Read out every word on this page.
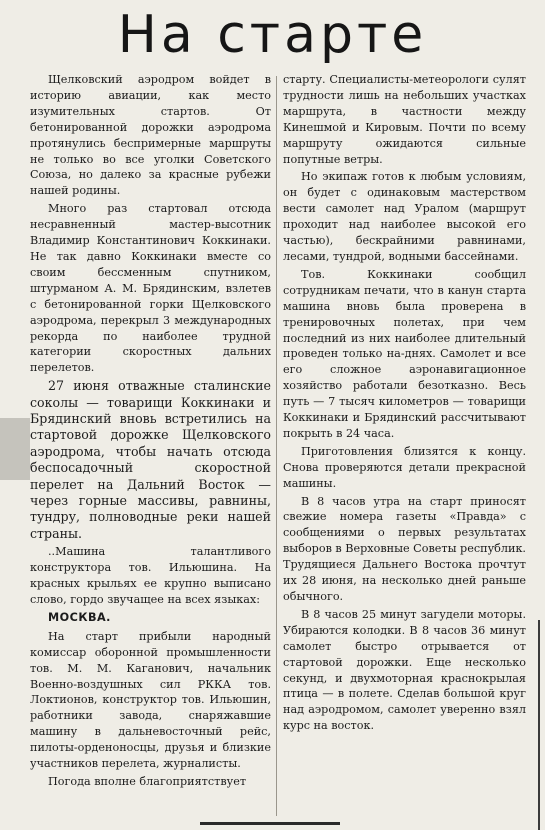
На старте

Щелковский аэродром войдет в историю авиации, как место изумительных стартов. От бетонированной дорожки аэродрома протянулись беспримерные маршруты не только во все уголки Советского Союза, но далеко за красные рубежи нашей родины.

Много раз стартовал отсюда несравненный мастер-высотник Владимир Константинович Коккинаки. Не так давно Коккинаки вместе со своим бессменным спутником, штурманом А. М. Брядинским, взлетев с бетонированной горки Щелковского аэродрома, перекрыл 3 международных рекорда по наиболее трудной категории скоростных дальних перелетов.

27 июня отважные сталинские соколы — товарищи Коккинаки и Брядинский вновь встретились на стартовой дорожке Щелковского аэродрома, чтобы начать отсюда беспосадочный скоростной перелет на Дальний Восток — через горные массивы, равнины, тундру, полноводные реки нашей страны.

..Машина талантливого конструктора тов. Ильюшина. На красных крыльях ее крупно выписано слово, гордо звучащее на всех языках:

МОСКВА.

На старт прибыли народный комиссар оборонной промышленности тов. М. М. Каганович, начальник Военно-воздушных сил РККА тов. Локтионов, конструктор тов. Ильюшин, работники завода, снаряжавшие машину в дальневосточный рейс, пилоты-орденоносцы, друзья и близкие участников перелета, журналисты.

Погода вполне благоприятствует

старту. Специалисты-метеорологи сулят трудности лишь на небольших участках маршрута, в частности между Кинешмой и Кировым. Почти по всему маршруту ожидаются сильные попутные ветры.

Но экипаж готов к любым условиям, он будет с одинаковым мастерством вести самолет над Уралом (маршрут проходит над наиболее высокой его частью), бескрайними равнинами, лесами, тундрой, водными бассейнами.

Тов. Коккинаки сообщил сотрудникам печати, что в канун старта машина вновь была проверена в тренировочных полетах, при чем последний из них наиболее длительный проведен только на-днях. Самолет и все его сложное аэронавигационное хозяйство работали безотказно. Весь путь — 7 тысяч километров — товарищи Коккинаки и Брядинский рассчитывают покрыть в 24 часа.

Приготовления близятся к концу. Снова проверяются детали прекрасной машины.

В 8 часов утра на старт приносят свежие номера газеты «Правда» с сообщениями о первых результатах выборов в Верховные Советы республик. Трудящиеся Дальнего Востока прочтут их 28 июня, на несколько дней раньше обычного.

В 8 часов 25 минут загудели моторы. Убираются колодки. В 8 часов 36 минут самолет быстро отрывается от стартовой дорожки. Еще несколько секунд, и двухмоторная краснокрылая птица — в полете. Сделав большой круг над аэродромом, самолет уверенно взял курс на восток.
